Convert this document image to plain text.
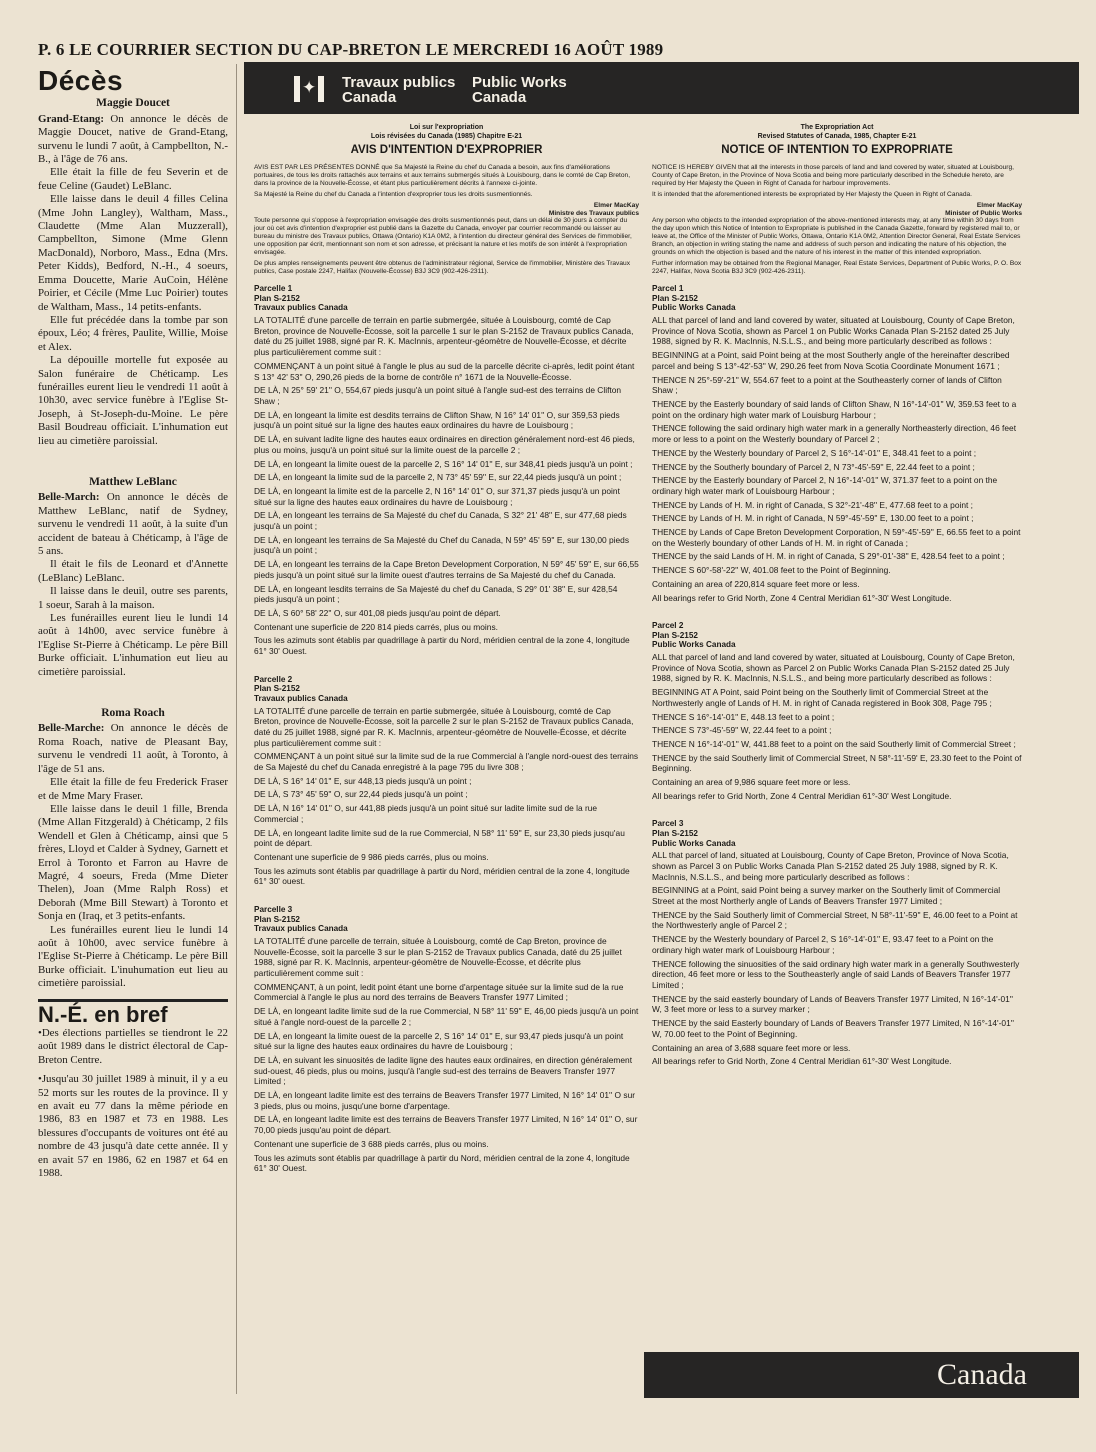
P. 6 LE COURRIER SECTION DU CAP-BRETON LE MERCREDI 16 AOÛT 1989
Décès
Maggie Doucet

Grand-Etang: On annonce le décès de Maggie Doucet, native de Grand-Etang, survenu le lundi 7 août, à Campbellton, N.-B., à l'âge de 76 ans.

Elle était la fille de feu Severin et de feue Celine (Gaudet) LeBlanc.

Elle laisse dans le deuil 4 filles Celina (Mme John Langley), Waltham, Mass., Claudette (Mme Alan Muzzerall), Campbellton, Simone (Mme Glenn MacDonald), Norboro, Mass., Edna (Mrs. Peter Kidds), Bedford, N.-H., 4 soeurs, Emma Doucette, Marie AuCoin, Hélène Poirier, et Cécile (Mme Luc Poirier) toutes de Waltham, Mass., 14 petits-enfants.

Elle fut précédée dans la tombe par son époux, Léo; 4 frères, Paulite, Willie, Moise et Alex.

La dépouille mortelle fut exposée au Salon funéraire de Chéticamp. Les funérailles eurent lieu le vendredi 11 août à 10h30, avec service funèbre à l'Eglise St-Joseph, à St-Joseph-du-Moine. Le père Basil Boudreau officiait. L'inhumation eut lieu au cimetière paroissial.

Matthew LeBlanc

Belle-March: On annonce le décès de Matthew LeBlanc, natif de Sydney, survenu le vendredi 11 août, à la suite d'un accident de bateau à Chéticamp, à l'âge de 5 ans.

Il était le fils de Leonard et d'Annette (LeBlanc) LeBlanc.

Il laisse dans le deuil, outre ses parents, 1 soeur, Sarah à la maison.

Les funérailles eurent lieu le lundi 14 août à 14h00, avec service funèbre à l'Eglise St-Pierre à Chéticamp. Le père Bill Burke officiait. L'inhumation eut lieu au cimetière paroissial.

Roma Roach

Belle-Marche: On annonce le décès de Roma Roach, native de Pleasant Bay, survenu le vendredi 11 août, à Toronto, à l'âge de 51 ans.

Elle était la fille de feu Frederick Fraser et de Mme Mary Fraser.

Elle laisse dans le deuil 1 fille, Brenda (Mme Allan Fitzgerald) à Chéticamp, 2 fils Wendell et Glen à Chéticamp, ainsi que 5 frères, Lloyd et Calder à Sydney, Garnett et Errol à Toronto et Farron au Havre de Magré, 4 soeurs, Freda (Mme Dieter Thelen), Joan (Mme Ralph Ross) et Deborah (Mme Bill Stewart) à Toronto et Sonja en (Iraq, et 3 petits-enfants.

Les funérailles eurent lieu le lundi 14 août à 10h00, avec service funèbre à l'Eglise St-Pierre à Chéticamp. Le père Bill Burke officiait. L'inuhumation eut lieu au cimetière paroissial.

N.-É. en bref

•Des élections partielles se tiendront le 22 août 1989 dans le district électoral de Cap-Breton Centre.

•Jusqu'au 30 juillet 1989 à minuit, il y a eu 52 morts sur les routes de la province. Il y en avait eu 77 dans la même période en 1986, 83 en 1987 et 73 en 1988. Les blessures d'occupants de voitures ont été au nombre de 43 jusqu'à date cette année. Il y en avait 57 en 1986, 62 en 1987 et 64 en 1988.

✦ Travaux publics
Canada
Public Works
Canada
Loi sur l'expropriation
Lois révisées du Canada (1985) Chapitre E-21
AVIS D'INTENTION D'EXPROPRIER

AVIS EST PAR LES PRÉSENTES DONNÉ que Sa Majesté la Reine du chef du Canada a besoin, aux fins d'améliorations portuaires, de tous les droits rattachés aux terrains et aux terrains submergés situés à Louisbourg, dans le comté de Cap Breton, dans la province de la Nouvelle-Écosse, et étant plus particulièrement décrits à l'annexe ci-jointe.

Sa Majesté la Reine du chef du Canada a l'intention d'exproprier tous les droits susmentionnés.

Elmer MacKay
Ministre des Travaux publics

Toute personne qui s'oppose à l'expropriation envisagée des droits susmentionnés peut, dans un délai de 30 jours à compter du jour où cet avis d'intention d'exproprier est publié dans la Gazette du Canada, envoyer par courrier recommandé ou laisser au bureau du ministre des Travaux publics, Ottawa (Ontario) K1A 0M2, à l'intention du directeur général des Services de l'immobilier, une opposition par écrit, mentionnant son nom et son adresse, et précisant la nature et les motifs de son intérêt à l'expropriation envisagée.

De plus amples renseignements peuvent être obtenus de l'administrateur régional, Service de l'immobilier, Ministère des Travaux publics, Case postale 2247, Halifax (Nouvelle-Écosse) B3J 3C9 (902-426-2311).

Parcelle 1
Plan S-2152
Travaux publics Canada

LA TOTALITÉ d'une parcelle de terrain en partie submergée, située à Louisbourg, comté de Cap Breton, province de Nouvelle-Écosse, soit la parcelle 1 sur le plan S-2152 de Travaux publics Canada, daté du 25 juillet 1988, signé par R. K. MacInnis, arpenteur-géomètre de Nouvelle-Écosse, et décrite plus particulièrement comme suit :

COMMENÇANT à un point situé à l'angle le plus au sud de la parcelle décrite ci-après, ledit point étant S 13° 42' 53'' O, 290,26 pieds de la borne de contrôle n° 1671 de la Nouvelle-Écosse.

DE LÀ, N 25° 59' 21'' O, 554,67 pieds jusqu'à un point situé à l'angle sud-est des terrains de Clifton Shaw ;

DE LÀ, en longeant la limite est desdits terrains de Clifton Shaw, N 16° 14' 01'' O, sur 359,53 pieds jusqu'à un point situé sur la ligne des hautes eaux ordinaires du havre de Louisbourg ;

DE LÀ, en suivant ladite ligne des hautes eaux ordinaires en direction généralement nord-est 46 pieds, plus ou moins, jusqu'à un point situé sur la limite ouest de la parcelle 2 ;

DE LÀ, en longeant la limite ouest de la parcelle 2, S 16° 14' 01'' E, sur 348,41 pieds jusqu'à un point ;

DE LÀ, en longeant la limite sud de la parcelle 2, N 73° 45' 59'' E, sur 22,44 pieds jusqu'à un point ;

DE LÀ, en longeant la limite est de la parcelle 2, N 16° 14' 01'' O, sur 371,37 pieds jusqu'à un point situé sur la ligne des hautes eaux ordinaires du havre de Louisbourg ;

DE LÀ, en longeant les terrains de Sa Majesté du chef du Canada, S 32° 21' 48'' E, sur 477,68 pieds jusqu'à un point ;

DE LÀ, en longeant les terrains de Sa Majesté du Chef du Canada, N 59° 45' 59'' E, sur 130,00 pieds jusqu'à un point ;

DE LÀ, en longeant les terrains de la Cape Breton Development Corporation, N 59° 45' 59'' E, sur 66,55 pieds jusqu'à un point situé sur la limite ouest d'autres terrains de Sa Majesté du chef du Canada.

DE LÀ, en longeant lesdits terrains de Sa Majesté du chef du Canada, S 29° 01' 38'' E, sur 428,54 pieds jusqu'à un point ;

DE LÀ, S 60° 58' 22'' O, sur 401,08 pieds jusqu'au point de départ.

Contenant une superficie de 220 814 pieds carrés, plus ou moins.

Tous les azimuts sont établis par quadrillage à partir du Nord, méridien central de la zone 4, longitude 61° 30' Ouest.

Parcelle 2
Plan S-2152
Travaux publics Canada

LA TOTALITÉ d'une parcelle de terrain en partie submergée, située à Louisbourg, comté de Cap Breton, province de Nouvelle-Écosse, soit la parcelle 2 sur le plan S-2152 de Travaux publics Canada, daté du 25 juillet 1988, signé par R. K. MacInnis, arpenteur-géomètre de Nouvelle-Écosse, et décrite plus particulièrement comme suit :

COMMENÇANT à un point situé sur la limite sud de la rue Commercial à l'angle nord-ouest des terrains de Sa Majesté du chef du Canada enregistré à la page 795 du livre 308 ;

DE LÀ, S 16° 14' 01'' E, sur 448,13 pieds jusqu'à un point ;

DE LÀ, S 73° 45' 59'' O, sur 22,44 pieds jusqu'à un point ;

DE LÀ, N 16° 14' 01'' O, sur 441,88 pieds jusqu'à un point situé sur ladite limite sud de la rue Commercial ;

DE LÀ, en longeant ladite limite sud de la rue Commercial, N 58° 11' 59'' E, sur 23,30 pieds jusqu'au point de départ.

Contenant une superficie de 9 986 pieds carrés, plus ou moins.

Tous les azimuts sont établis par quadrillage à partir du Nord, méridien central de la zone 4, longitude 61° 30' ouest.

Parcelle 3
Plan S-2152
Travaux publics Canada

LA TOTALITÉ d'une parcelle de terrain, située à Louisbourg, comté de Cap Breton, province de Nouvelle-Écosse, soit la parcelle 3 sur le plan S-2152 de Travaux publics Canada, daté du 25 juillet 1988, signé par R. K. MacInnis, arpenteur-géomètre de Nouvelle-Écosse, et décrite plus particulièrement comme suit :

COMMENÇANT, à un point, ledit point étant une borne d'arpentage située sur la limite sud de la rue Commercial à l'angle le plus au nord des terrains de Beavers Transfer 1977 Limited ;

DE LÀ, en longeant ladite limite sud de la rue Commercial, N 58° 11' 59'' E, 46,00 pieds jusqu'à un point situé à l'angle nord-ouest de la parcelle 2 ;

DE LÀ, en longeant la limite ouest de la parcelle 2, S 16° 14' 01'' E, sur 93,47 pieds jusqu'à un point situé sur la ligne des hautes eaux ordinaires du havre de Louisbourg ;

DE LÀ, en suivant les sinuosités de ladite ligne des hautes eaux ordinaires, en direction généralement sud-ouest, 46 pieds, plus ou moins, jusqu'à l'angle sud-est des terrains de Beavers Transfer 1977 Limited ;

DE LÀ, en longeant ladite limite est des terrains de Beavers Transfer 1977 Limited, N 16° 14' 01'' O sur 3 pieds, plus ou moins, jusqu'une borne d'arpentage.

DE LÀ, en longeant ladite limite est des terrains de Beavers Transfer 1977 Limited, N 16° 14' 01'' O, sur 70,00 pieds jusqu'au point de départ.

Contenant une superficie de 3 688 pieds carrés, plus ou moins.

Tous les azimuts sont établis par quadrillage à partir du Nord, méridien central de la zone 4, longitude 61° 30' Ouest.

The Expropriation Act
Revised Statutes of Canada, 1985, Chapter E-21
NOTICE OF INTENTION TO EXPROPRIATE

NOTICE IS HEREBY GIVEN that all the interests in those parcels of land and land covered by water, situated at Louisbourg, County of Cape Breton, in the Province of Nova Scotia and being more particularly described in the Schedule hereto, are required by Her Majesty the Queen in Right of Canada for harbour improvements.

It is intended that the aforementioned interests be expropriated by Her Majesty the Queen in Right of Canada.

Elmer MacKay
Minister of Public Works

Any person who objects to the intended expropriation of the above-mentioned interests may, at any time within 30 days from the day upon which this Notice of Intention to Expropriate is published in the Canada Gazette, forward by registered mail to, or leave at, the Office of the Minister of Public Works, Ottawa, Ontario K1A 0M2, Attention Director General, Real Estate Services Branch, an objection in writing stating the name and address of such person and indicating the nature of his objection, the grounds on which the objection is based and the nature of his interest in the matter of this intended expropriation.

Further information may be obtained from the Regional Manager, Real Estate Services, Department of Public Works, P. O. Box 2247, Halifax, Nova Scotia B3J 3C9 (902-426-2311).

Parcel 1
Plan S-2152
Public Works Canada

ALL that parcel of land and land covered by water, situated at Louisbourg, County of Cape Breton, Province of Nova Scotia, shown as Parcel 1 on Public Works Canada Plan S-2152 dated 25 July 1988, signed by R. K. MacInnis, N.S.L.S., and being more particularly described as follows :

BEGINNING at a Point, said Point being at the most Southerly angle of the hereinafter described parcel and being S 13°-42'-53'' W, 290.26 feet from Nova Scotia Coordinate Monument 1671 ;

THENCE N 25°-59'-21'' W, 554.67 feet to a point at the Southeasterly corner of lands of Clifton Shaw ;

THENCE by the Easterly boundary of said lands of Clifton Shaw, N 16°-14'-01'' W, 359.53 feet to a point on the ordinary high water mark of Louisburg Harbour ;

THENCE following the said ordinary high water mark in a generally Northeasterly direction, 46 feet more or less to a point on the Westerly boundary of Parcel 2 ;

THENCE by the Westerly boundary of Parcel 2, S 16°-14'-01'' E, 348.41 feet to a point ;

THENCE by the Southerly boundary of Parcel 2, N 73°-45'-59'' E, 22.44 feet to a point ;

THENCE by the Easterly boundary of Parcel 2, N 16°-14'-01'' W, 371.37 feet to a point on the ordinary high water mark of Louisbourg Harbour ;

THENCE by Lands of H. M. in right of Canada, S 32°-21'-48'' E, 477.68 feet to a point ;

THENCE by Lands of H. M. in right of Canada, N 59°-45'-59'' E, 130.00 feet to a point ;

THENCE by Lands of Cape Breton Development Corporation, N 59°-45'-59'' E, 66.55 feet to a point on the Westerly boundary of other Lands of H. M. in right of Canada ;

THENCE by the said Lands of H. M. in right of Canada, S 29°-01'-38'' E, 428.54 feet to a point ;

THENCE S 60°-58'-22'' W, 401.08 feet to the Point of Beginning.

Containing an area of 220,814 square feet more or less.

All bearings refer to Grid North, Zone 4 Central Meridian 61°-30' West Longitude.

Parcel 2
Plan S-2152
Public Works Canada

ALL that parcel of land and land covered by water, situated at Louisbourg, County of Cape Breton, Province of Nova Scotia, shown as Parcel 2 on Public Works Canada Plan S-2152 dated 25 July 1988, signed by R. K. MacInnis, N.S.L.S., and being more particularly described as follows :

BEGINNING AT A Point, said Point being on the Southerly limit of Commercial Street at the Northwesterly angle of Lands of H. M. in right of Canada registered in Book 308, Page 795 ;

THENCE S 16°-14'-01'' E, 448.13 feet to a point ;

THENCE S 73°-45'-59'' W, 22.44 feet to a point ;

THENCE N 16°-14'-01'' W, 441.88 feet to a point on the said Southerly limit of Commercial Street ;

THENCE by the said Southerly limit of Commercial Street, N 58°-11'-59' E, 23.30 feet to the Point of Beginning.

Containing an area of 9,986 square feet more or less.

All bearings refer to Grid North, Zone 4 Central Meridian 61°-30' West Longitude.

Parcel 3
Plan S-2152
Public Works Canada

ALL that parcel of land, situated at Louisbourg, County of Cape Breton, Province of Nova Scotia, shown as Parcel 3 on Public Works Canada Plan S-2152 dated 25 July 1988, signed by R. K. MacInnis, N.S.L.S., and being more particularly described as follows :

BEGINNING at a Point, said Point being a survey marker on the Southerly limit of Commercial Street at the most Northerly angle of Lands of Beavers Transfer 1977 Limited ;

THENCE by the Said Southerly limit of Commercial Street, N 58°-11'-59'' E, 46.00 feet to a Point at the Northwesterly angle of Parcel 2 ;

THENCE by the Westerly boundary of Parcel 2, S 16°-14'-01'' E, 93.47 feet to a Point on the ordinary high water mark of Louisbourg Harbour ;

THENCE following the sinuosities of the said ordinary high water mark in a generally Southwesterly direction, 46 feet more or less to the Southeasterly angle of said Lands of Beavers Transfer 1977 Limited ;

THENCE by the said easterly boundary of Lands of Beavers Transfer 1977 Limited, N 16°-14'-01'' W, 3 feet more or less to a survey marker ;

THENCE by the said Easterly boundary of Lands of Beavers Transfer 1977 Limited, N 16°-14'-01'' W, 70.00 feet to the Point of Beginning.

Containing an area of 3,688 square feet more or less.

All bearings refer to Grid North, Zone 4 Central Meridian 61°-30' West Longitude.

Canada
